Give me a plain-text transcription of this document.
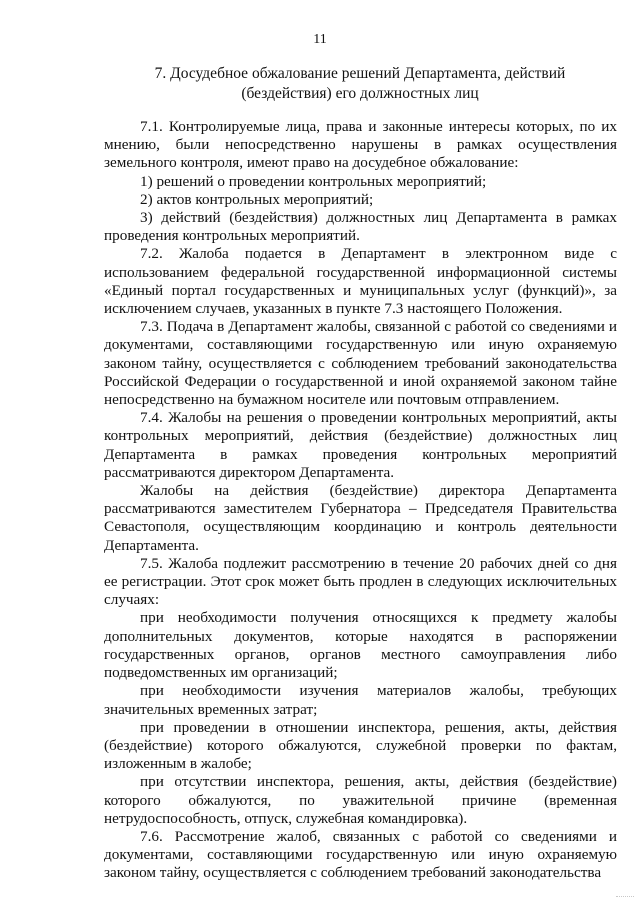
11
7. Досудебное обжалование решений Департамента, действий
(бездействия) его должностных лиц

7.1. Контролируемые лица, права и законные интересы которых, по их мнению, были непосредственно нарушены в рамках осуществления земельного контроля, имеют право на досудебное обжалование:

1) решений о проведении контрольных мероприятий;

2) актов контрольных мероприятий;

3) действий (бездействия) должностных лиц Департамента в рамках проведения контрольных мероприятий.

7.2. Жалоба подается в Департамент в электронном виде с использованием федеральной государственной информационной системы «Единый портал государственных и муниципальных услуг (функций)», за исключением случаев, указанных в пункте 7.3 настоящего Положения.

7.3. Подача в Департамент жалобы, связанной с работой со сведениями и документами, составляющими государственную или иную охраняемую законом тайну, осуществляется с соблюдением требований законодательства Российской Федерации о государственной и иной охраняемой законом тайне непосредственно на бумажном носителе или почтовым отправлением.

7.4. Жалобы на решения о проведении контрольных мероприятий, акты контрольных мероприятий, действия (бездействие) должностных лиц Департамента в рамках проведения контрольных мероприятий рассматриваются директором Департамента.

Жалобы на действия (бездействие) директора Департамента рассматриваются заместителем Губернатора – Председателя Правительства Севастополя, осуществляющим координацию и контроль деятельности Департамента.

7.5. Жалоба подлежит рассмотрению в течение 20 рабочих дней со дня ее регистрации. Этот срок может быть продлен в следующих исключительных случаях:

при необходимости получения относящихся к предмету жалобы дополнительных документов, которые находятся в распоряжении государственных органов, органов местного самоуправления либо подведомственных им организаций;

при необходимости изучения материалов жалобы, требующих значительных временных затрат;

при проведении в отношении инспектора, решения, акты, действия (бездействие) которого обжалуются, служебной проверки по фактам, изложенным в жалобе;

при отсутствии инспектора, решения, акты, действия (бездействие) которого обжалуются, по уважительной причине (временная нетрудоспособность, отпуск, служебная командировка).

7.6. Рассмотрение жалоб, связанных с работой со сведениями и документами, составляющими государственную или иную охраняемую законом тайну, осуществляется с соблюдением требований законодательства
